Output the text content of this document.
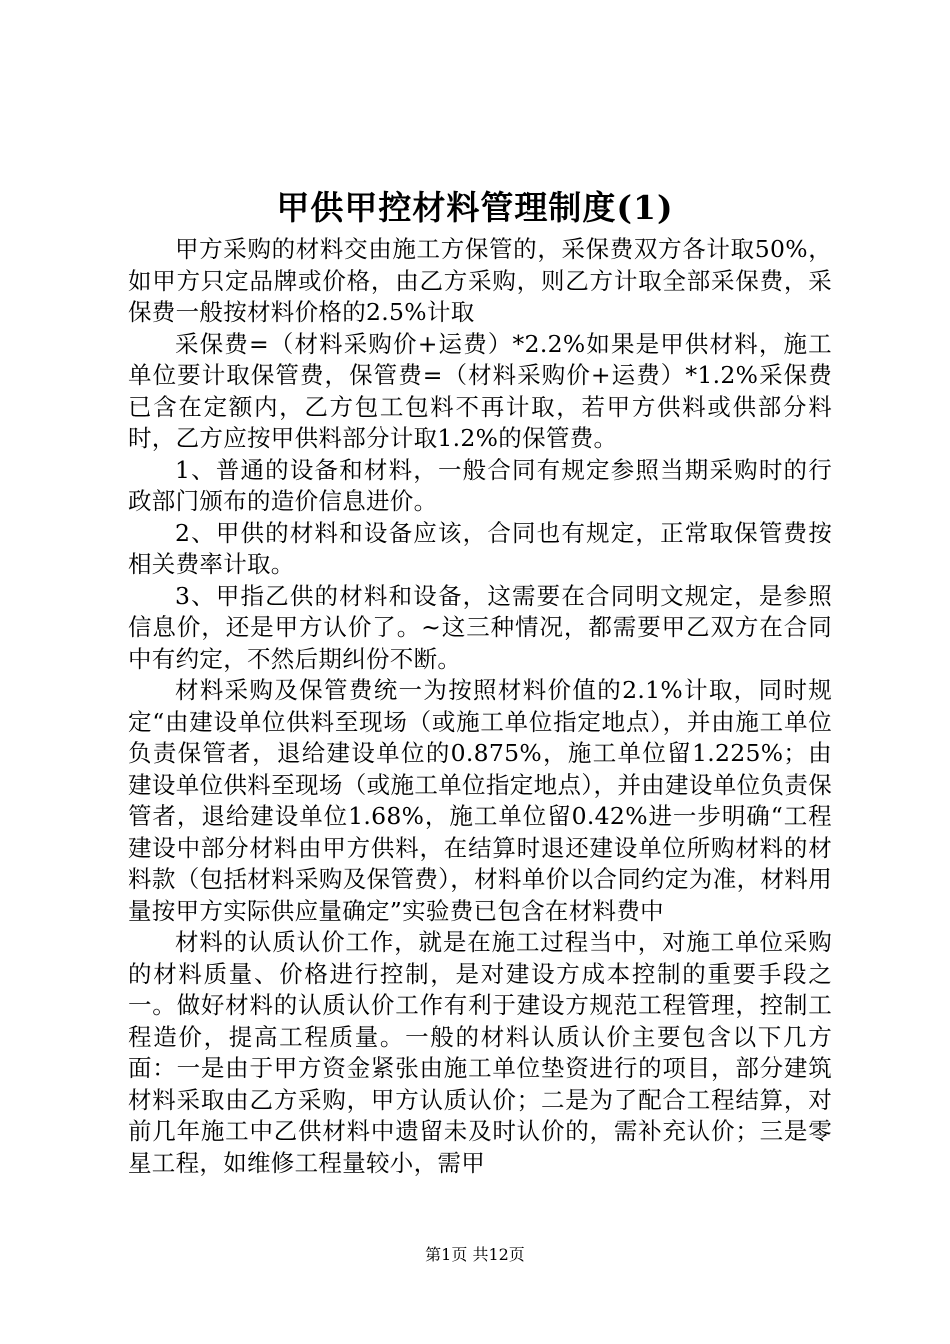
甲供甲控材料管理制度(1)

甲方采购的材料交由施工方保管的，采保费双方各计取50%，如甲方只定品牌或价格，由乙方采购，则乙方计取全部采保费，采保费一般按材料价格的2.5%计取

采保费=（材料采购价+运费）*2.2%如果是甲供材料，施工单位要计取保管费，保管费=（材料采购价+运费）*1.2%采保费已含在定额内，乙方包工包料不再计取，若甲方供料或供部分料时，乙方应按甲供料部分计取1.2%的保管费。

1、普通的设备和材料，一般合同有规定参照当期采购时的行政部门颁布的造价信息进价。

2、甲供的材料和设备应该，合同也有规定，正常取保管费按相关费率计取。

3、甲指乙供的材料和设备，这需要在合同明文规定，是参照信息价，还是甲方认价了。~这三种情况，都需要甲乙双方在合同中有约定，不然后期纠份不断。

材料采购及保管费统一为按照材料价值的2.1%计取，同时规定“由建设单位供料至现场（或施工单位指定地点），并由施工单位负责保管者，退给建设单位的0.875%，施工单位留1.225%；由建设单位供料至现场（或施工单位指定地点），并由建设单位负责保管者，退给建设单位1.68%，施工单位留0.42%进一步明确“工程建设中部分材料由甲方供料，在结算时退还建设单位所购材料的材料款（包括材料采购及保管费），材料单价以合同约定为准，材料用量按甲方实际供应量确定”实验费已包含在材料费中

材料的认质认价工作，就是在施工过程当中，对施工单位采购的材料质量、价格进行控制，是对建设方成本控制的重要手段之一。做好材料的认质认价工作有利于建设方规范工程管理，控制工程造价，提高工程质量。一般的材料认质认价主要包含以下几方面：一是由于甲方资金紧张由施工单位垫资进行的项目，部分建筑材料采取由乙方采购，甲方认质认价；二是为了配合工程结算，对前几年施工中乙供材料中遗留未及时认价的，需补充认价；三是零星工程，如维修工程量较小，需甲

第1页 共12页
